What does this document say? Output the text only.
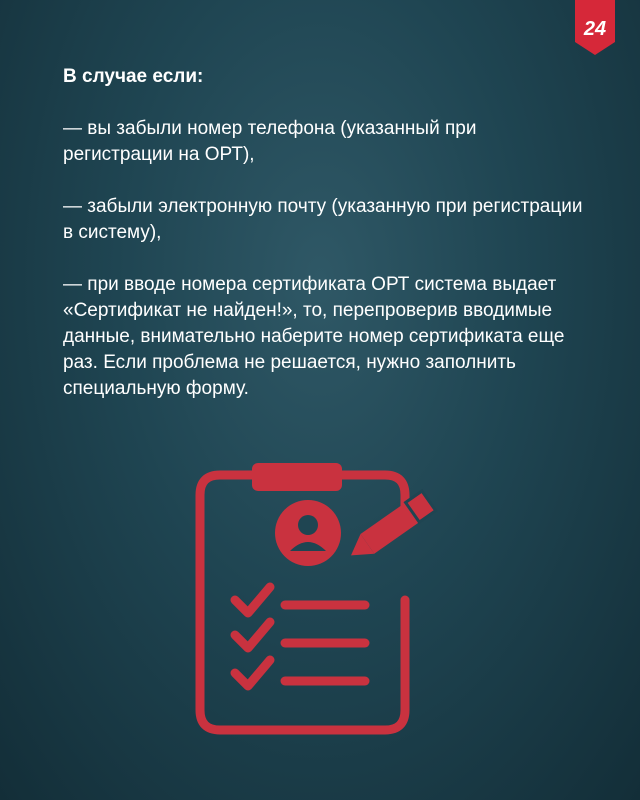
24

В случае если:

— вы забыли номер телефона (указанный при регистрации на ОРТ),

— забыли электронную почту (указанную при регистрации в систему),

— при вводе номера сертификата ОРТ система выдает «Сертификат не найден!», то, перепроверив вводимые данные, внимательно наберите номер сертификата еще раз. Если проблема не решается, нужно заполнить специальную форму.
